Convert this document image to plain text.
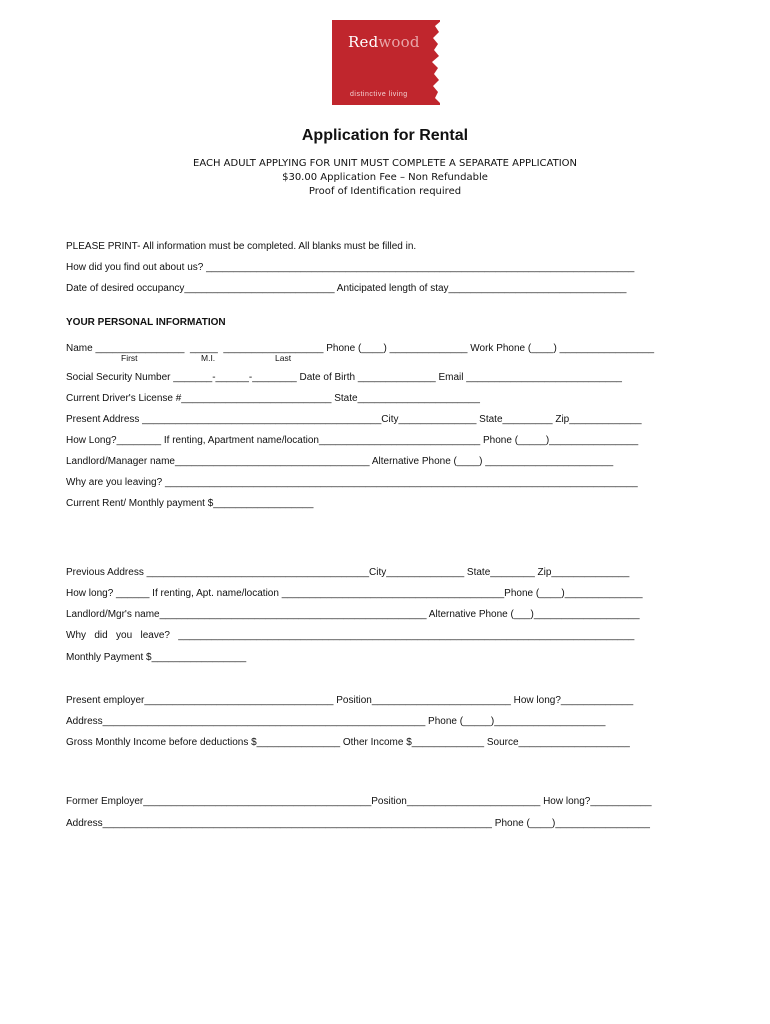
Redwood
distinctive living
Application for Rental
EACH ADULT APPLYING FOR UNIT MUST COMPLETE A SEPARATE APPLICATION
$30.00 Application Fee – Non Refundable
Proof of Identification required
PLEASE PRINT- All information must be completed. All blanks must be filled in.
How did you find out about us? _____________________________________________________________________________
Date of desired occupancy___________________________ Anticipated length of stay________________________________
YOUR PERSONAL INFORMATION
Name ________________  _____  __________________ Phone (____) ______________ Work Phone (____) _________________
First	M.I.	Last
Social Security Number _______-______-________ Date of Birth ______________ Email ____________________________
Current Driver's License #___________________________ State______________________
Present Address ___________________________________________City______________ State_________ Zip_____________
How Long?________ If renting, Apartment name/location_____________________________ Phone (_____)________________
Landlord/Manager name___________________________________ Alternative Phone (____) _______________________
Why are you leaving? _____________________________________________________________________________________
Current Rent/ Monthly payment $__________________
Previous Address ________________________________________City______________ State________ Zip______________
How long? ______ If renting, Apt. name/location ________________________________________Phone (____)______________
Landlord/Mgr's name________________________________________________ Alternative Phone (___)___________________
Why   did   you   leave?   __________________________________________________________________________________
Monthly Payment $_________________
Present employer__________________________________ Position_________________________ How long?_____________
Address__________________________________________________________ Phone (_____)____________________
Gross Monthly Income before deductions $_______________ Other Income $_____________ Source____________________
Former Employer_________________________________________Position________________________ How long?___________
Address______________________________________________________________________ Phone (____)_________________
